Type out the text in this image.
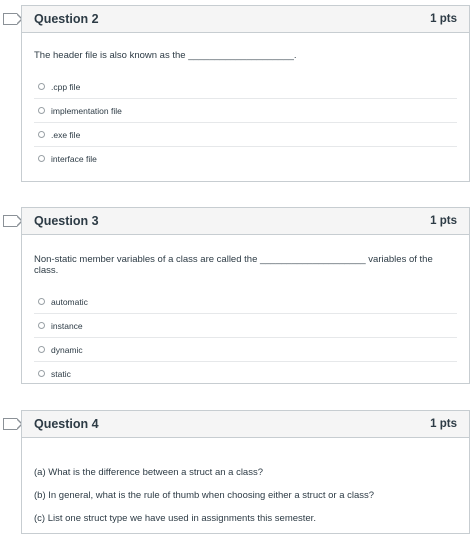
Question 2	1 pts
The header file is also known as the ____________________.
.cpp file
implementation file
.exe file
interface file
Question 3	1 pts
Non-static member variables of a class are called the ____________________ variables of the class.
automatic
instance
dynamic
static
Question 4	1 pts
(a) What is the difference between a struct an a class?
(b) In general, what is the rule of thumb when choosing either a struct or a class?
(c) List one struct type we have used in assignments this semester.
